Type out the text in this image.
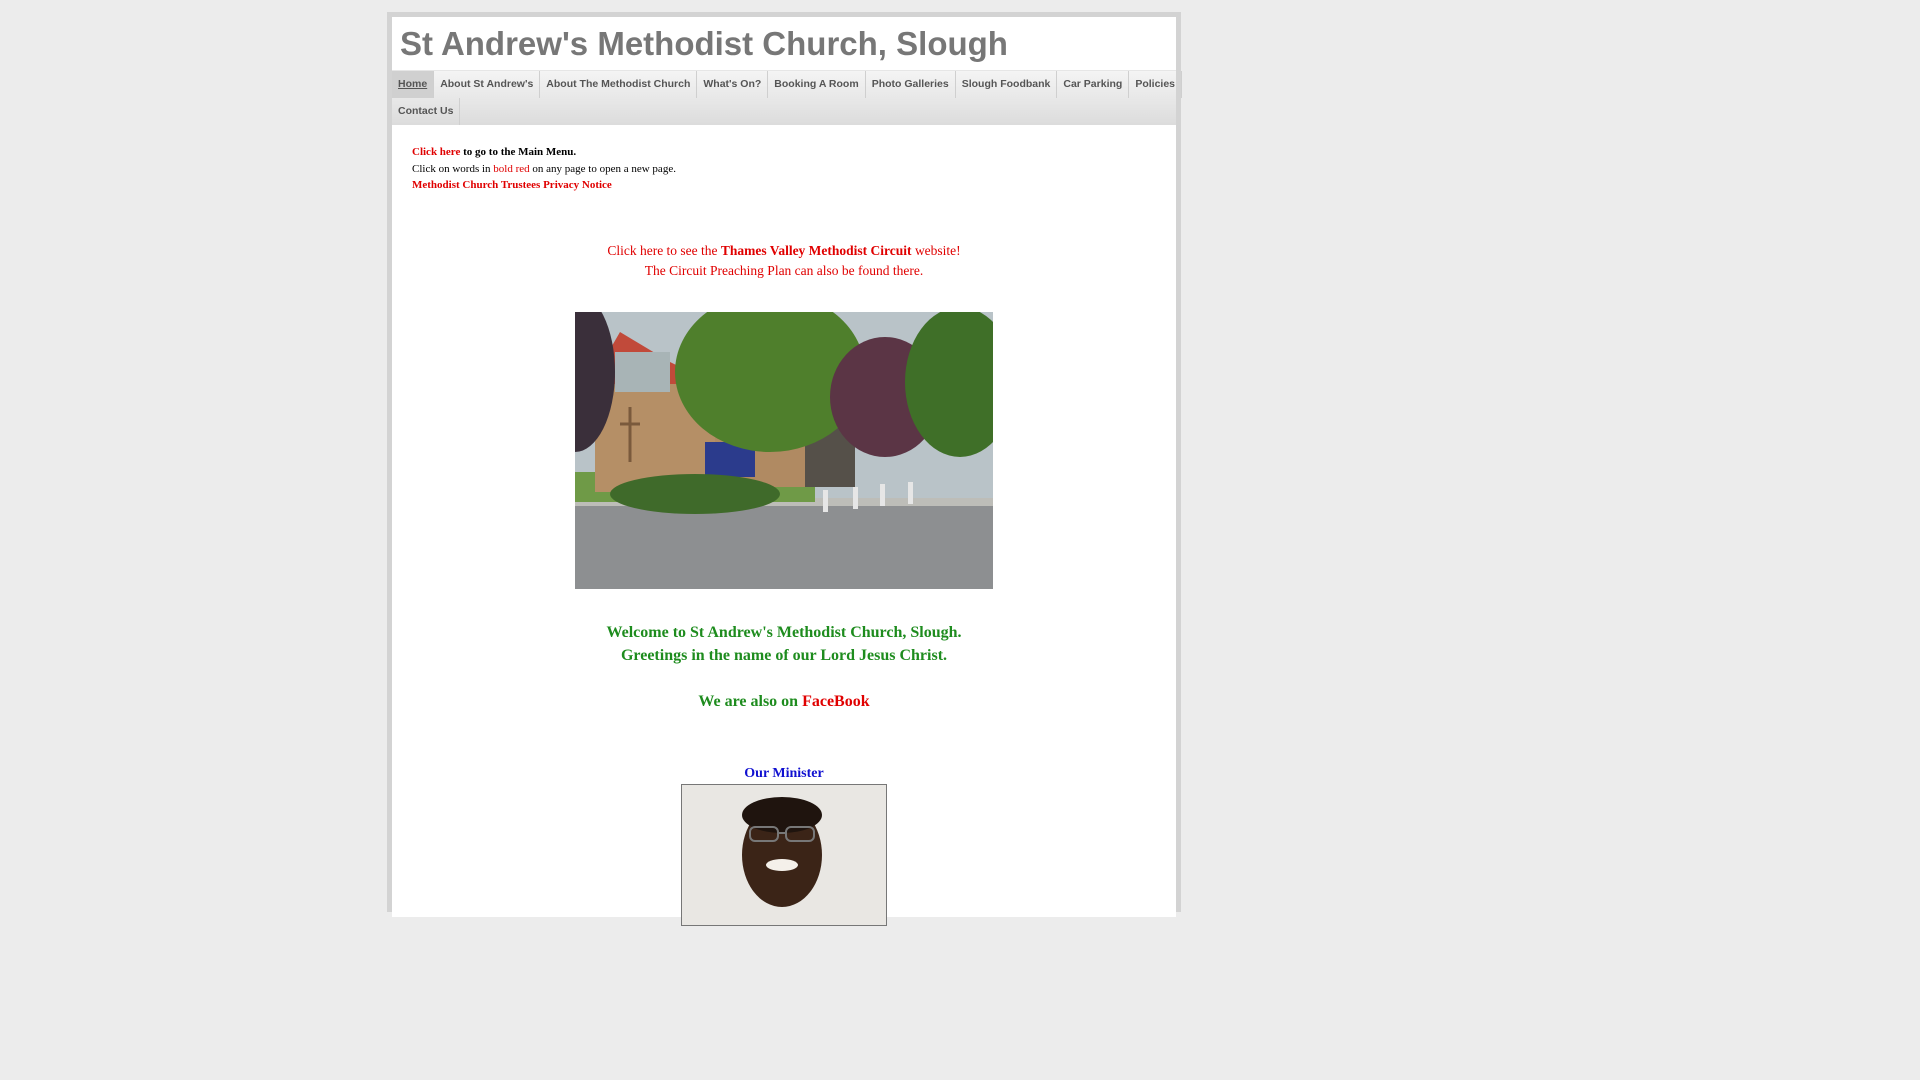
St Andrew's Methodist Church, Slough
Home	About St Andrew's	About The Methodist Church	What's On?	Booking A Room	Photo Galleries	Slough Foodbank	Car Parking	Policies
Contact Us
Click here to go to the Main Menu.
Click on words in bold red on any page to open a new page.
Methodist Church Trustees Privacy Notice
Click here to see the Thames Valley Methodist Circuit website!
The Circuit Preaching Plan can also be found there.
Welcome to St Andrew's Methodist Church, Slough.
Greetings in the name of our Lord Jesus Christ.
We are also on FaceBook
Our Minister
